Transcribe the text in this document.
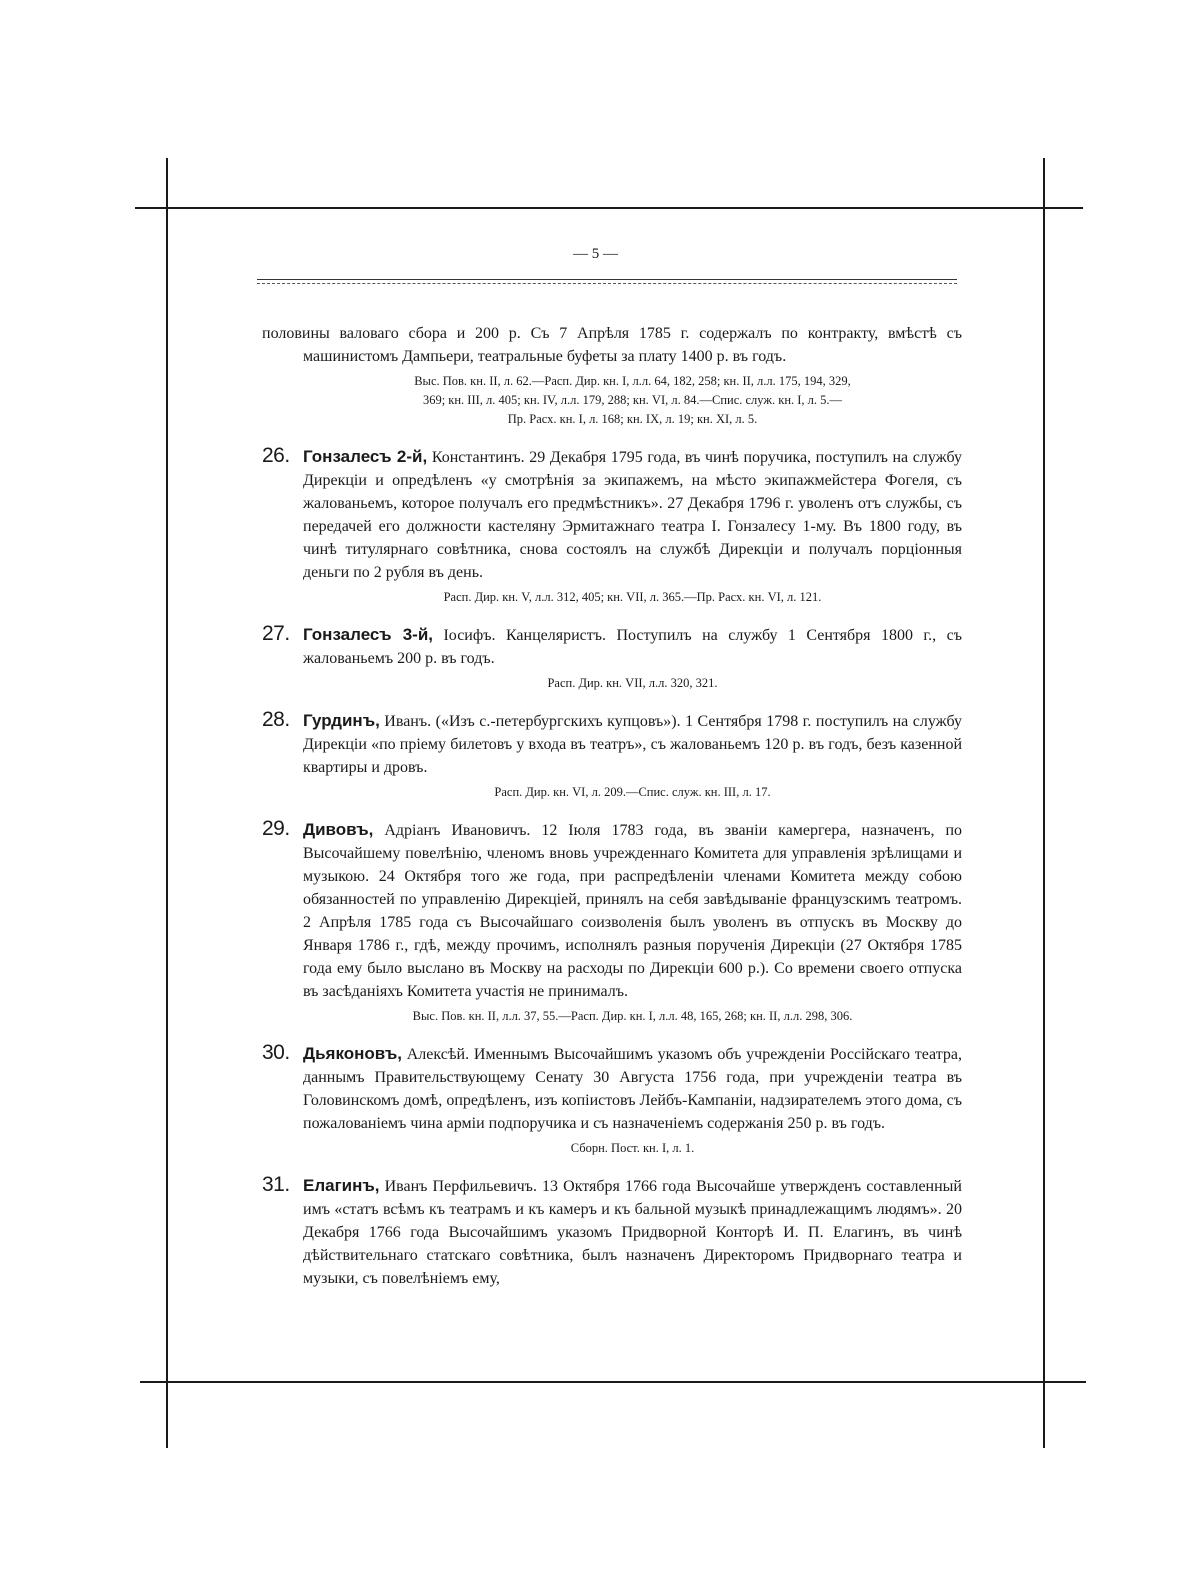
— 5 —

половины валоваго сбора и 200 р. Съ 7 Апрѣля 1785 г. содержалъ по контракту, вмѣстѣ съ машинистомъ Дампьери, театральные буфеты за плату 1400 р. въ годъ.

Выс. Пов. кн. II, л. 62.—Расп. Дир. кн. I, л.л. 64, 182, 258; кн. II, л.л. 175, 194, 329,
369; кн. III, л. 405; кн. IV, л.л. 179, 288; кн. VI, л. 84.—Спис. служ. кн. I, л. 5.—
Пр. Расх. кн. I, л. 168; кн. IX, л. 19; кн. XI, л. 5.

26. Гонзалесъ 2-й, Константинъ. 29 Декабря 1795 года, въ чинѣ поручика, поступилъ на службу Дирекціи и опредѣленъ «у смотрѣнія за экипажемъ, на мѣсто экипажмейстера Фогеля, съ жалованьемъ, которое получалъ его предмѣстникъ». 27 Декабря 1796 г. уволенъ отъ службы, съ передачей его должности кастеляну Эрмитажнаго театра I. Гонзалесу 1-му. Въ 1800 году, въ чинѣ титулярнаго совѣтника, снова состоялъ на службѣ Дирекціи и получалъ порціонныя деньги по 2 рубля въ день.

Расп. Дир. кн. V, л.л. 312, 405; кн. VII, л. 365.—Пр. Расх. кн. VI, л. 121.

27. Гонзалесъ 3-й, Іосифъ. Канцеляристъ. Поступилъ на службу 1 Сентября 1800 г., съ жалованьемъ 200 р. въ годъ.

Расп. Дир. кн. VII, л.л. 320, 321.

28. Гурдинъ, Иванъ. («Изъ с.-петербургскихъ купцовъ»). 1 Сентября 1798 г. поступилъ на службу Дирекціи «по пріему билетовъ у входа въ театръ», съ жалованьемъ 120 р. въ годъ, безъ казенной квартиры и дровъ.

Расп. Дир. кн. VI, л. 209.—Спис. служ. кн. III, л. 17.

29. Дивовъ, Адріанъ Ивановичъ. 12 Іюля 1783 года, въ званіи камергера, назначенъ, по Высочайшему повелѣнію, членомъ вновь учрежденнаго Комитета для управленія зрѣлищами и музыкою. 24 Октября того же года, при распредѣленіи членами Комитета между собою обязанностей по управленію Дирекціей, принялъ на себя завѣдываніе французскимъ театромъ. 2 Апрѣля 1785 года съ Высочайшаго соизволенія былъ уволенъ въ отпускъ въ Москву до Января 1786 г., гдѣ, между прочимъ, исполнялъ разныя порученія Дирекціи (27 Октября 1785 года ему было выслано въ Москву на расходы по Дирекціи 600 р.). Со времени своего отпуска въ засѣданіяхъ Комитета участія не принималъ.

Выс. Пов. кн. II, л.л. 37, 55.—Расп. Дир. кн. I, л.л. 48, 165, 268; кн. II, л.л. 298, 306.

30. Дьяконовъ, Алексѣй. Именнымъ Высочайшимъ указомъ объ учрежденіи Россійскаго театра, даннымъ Правительствующему Сенату 30 Августа 1756 года, при учрежденіи театра въ Головинскомъ домѣ, опредѣленъ, изъ копіистовъ Лейбъ-Кампаніи, надзирателемъ этого дома, съ пожалованіемъ чина арміи подпоручика и съ назначеніемъ содержанія 250 р. въ годъ.

Сборн. Пост. кн. I, л. 1.

31. Елагинъ, Иванъ Перфильевичъ. 13 Октября 1766 года Высочайше утвержденъ составленный имъ «статъ всѣмъ къ театрамъ и къ камеръ и къ бальной музыкѣ принадлежащимъ людямъ». 20 Декабря 1766 года Высочайшимъ указомъ Придворной Конторѣ И. П. Елагинъ, въ чинѣ дѣйствительнаго статскаго совѣтника, былъ назначенъ Директоромъ Придворнаго театра и музыки, съ повелѣніемъ ему,
